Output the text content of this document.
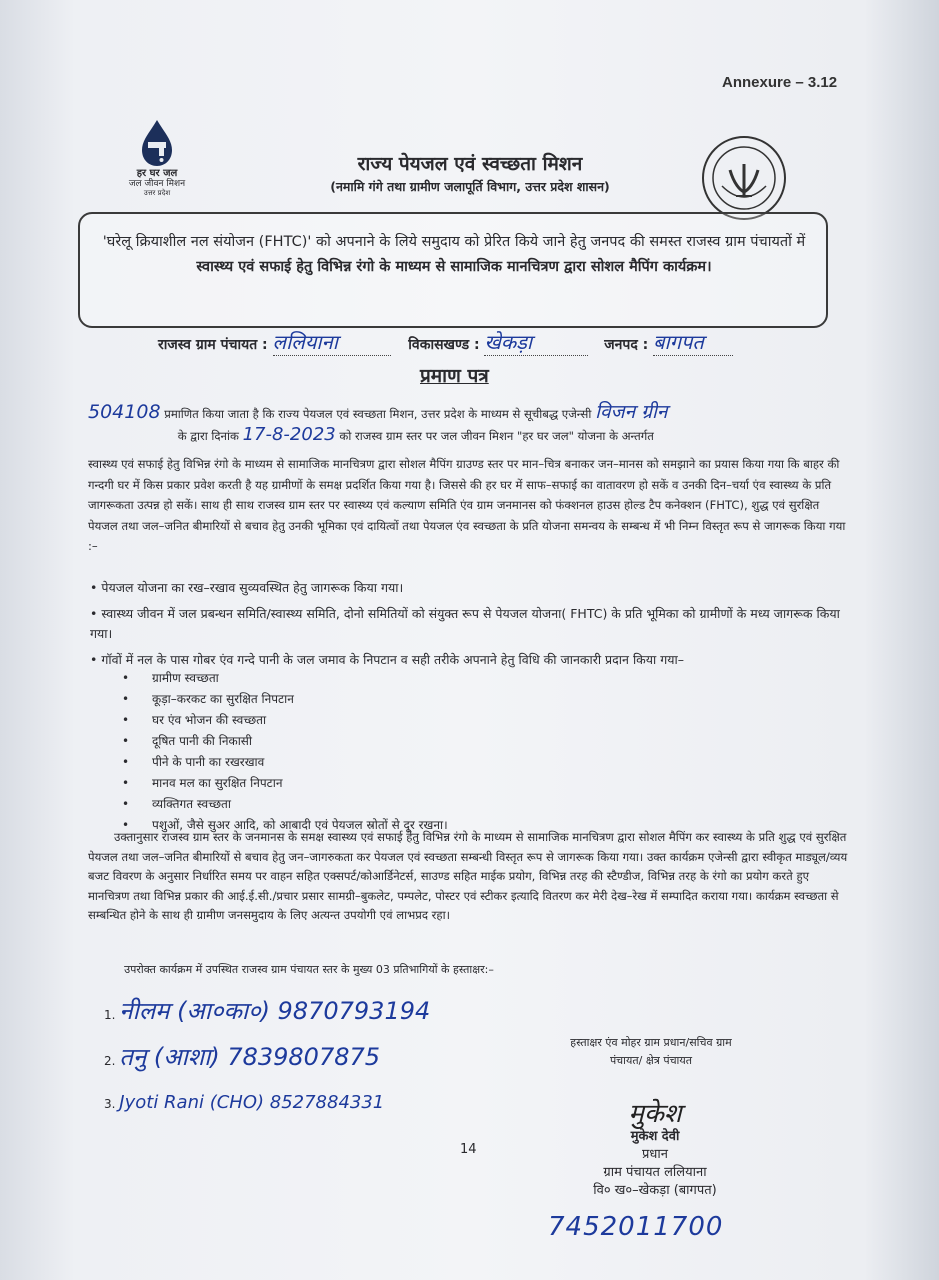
Annexure – 3.12
हर घर जल
जल जीवन मिशन
उत्तर प्रदेश
राज्य पेयजल एवं स्वच्छता मिशन
(नमामि गंगे तथा ग्रामीण जलापूर्ति विभाग, उत्तर प्रदेश शासन)

'घरेलू क्रियाशील नल संयोजन (FHTC)' को अपनाने के लिये समुदाय को प्रेरित किये जाने हेतु जनपद की समस्त राजस्व ग्राम पंचायतों में स्वास्थ्य एवं सफाई हेतु विभिन्न रंगो के माध्यम से सामाजिक मानचित्रण द्वारा सोशल मैपिंग कार्यक्रम।

राजस्व ग्राम पंचायत : ललियाना	विकासखण्ड : खेकड़ा	जनपद : बागपत
प्रमाण पत्र
504108 प्रमाणित किया जाता है कि राज्य पेयजल एवं स्वच्छता मिशन, उत्तर प्रदेश के माध्यम से सूचीबद्ध एजेन्सी विजन ग्रीन
के द्वारा दिनांक 17-8-2023 को राजस्व ग्राम स्तर पर जल जीवन मिशन "हर घर जल" योजना के अन्तर्गत
स्वास्थ्य एवं सफाई हेतु विभिन्न रंगो के माध्यम से सामाजिक मानचित्रण द्वारा सोशल मैपिंग ग्राउण्ड स्तर पर मान–चित्र बनाकर जन–मानस को समझाने का प्रयास किया गया कि बाहर की गन्दगी घर में किस प्रकार प्रवेश करती है यह ग्रामीणों के समक्ष प्रदर्शित किया गया है। जिससे की हर घर में साफ–सफाई का वातावरण हो सकें व उनकी दिन–चर्या एंव स्वास्थ्य के प्रति जागरूकता उत्पन्न हो सकें। साथ ही साथ राजस्व ग्राम स्तर पर स्वास्थ्य एवं कल्याण समिति एंव ग्राम जनमानस को फंक्शनल हाउस होल्ड टैप कनेक्शन (FHTC), शुद्ध एवं सुरक्षित पेयजल तथा जल–जनित बीमारियों से बचाव हेतु उनकी भूमिका एवं दायित्वों तथा पेयजल एंव स्वच्छता के प्रति योजना समन्वय के सम्बन्ध में भी निम्न विस्तृत रूप से जागरूक किया गया :–
• पेयजल योजना का रख–रखाव सुव्यवस्थित हेतु जागरूक किया गया।
• स्वास्थ्य जीवन में जल प्रबन्धन समिति/स्वास्थ्य समिति, दोनो समितियों को संयुक्त रूप से पेयजल योजना( FHTC) के प्रति भूमिका को ग्रामीणों के मध्य जागरूक किया गया।
• गॉवों में नल के पास गोबर एंव गन्दे पानी के जल जमाव के निपटान व सही तरीके अपनाने हेतु विधि की जानकारी प्रदान किया गया–
• ग्रामीण स्वच्छता
• कूड़ा–करकट का सुरक्षित निपटान
• घर एंव भोजन की स्वच्छता
• दूषित पानी की निकासी
• पीने के पानी का रखरखाव
• मानव मल का सुरक्षित निपटान
• व्यक्तिगत स्वच्छता
• पशुओं, जैसे सुअर आदि, को आबादी एवं पेयजल स्रोतों से दूर रखना।
उक्तानुसार राजस्व ग्राम स्तर के जनमानस के समक्ष स्वास्थ्य एवं सफाई हेतु विभिन्न रंगो के माध्यम से सामाजिक मानचित्रण द्वारा सोशल मैपिंग कर स्वास्थ्य के प्रति शुद्ध एवं सुरक्षित पेयजल तथा जल–जनित बीमारियों से बचाव हेतु जन–जागरुकता कर पेयजल एवं स्वच्छता सम्बन्धी विस्तृत रूप से जागरूक किया गया। उक्त कार्यक्रम एजेन्सी द्वारा स्वीकृत माड्यूल/व्यय बजट विवरण के अनुसार निर्धारित समय पर वाहन सहित एक्सपर्ट/कोआर्डिनेटर्स, साउण्ड सहित माईक प्रयोग, विभिन्न तरह की स्टैण्डीज, विभिन्न तरह के रंगो का प्रयोग करते हुए मानचित्रण तथा विभिन्न प्रकार की आई.ई.सी./प्रचार प्रसार सामग्री–बुकलेट, पम्पलेट, पोस्टर एवं स्टीकर इत्यादि वितरण कर मेरी देख–रेख में सम्पादित कराया गया। कार्यक्रम स्वच्छता से सम्बन्धित होने के साथ ही ग्रामीण जनसमुदाय के लिए अत्यन्त उपयोगी एवं लाभप्रद रहा।
उपरोक्त कार्यक्रम में उपस्थित राजस्व ग्राम पंचायत स्तर के मुख्य 03 प्रतिभागियों के हस्ताक्षर:–
1. नीलम (आ०का०) 9870793194
2. तनु (आशा) 7839807875
3. Jyoti Rani (CHO) 8527884331
हस्ताक्षर एंव मोहर ग्राम प्रधान/सचिव ग्राम पंचायत/ क्षेत्र पंचायत
14
मुकेश
मुकेश देवी
प्रधान
ग्राम पंचायत ललियाना
वि० ख०–खेकड़ा (बागपत)
7452011700
